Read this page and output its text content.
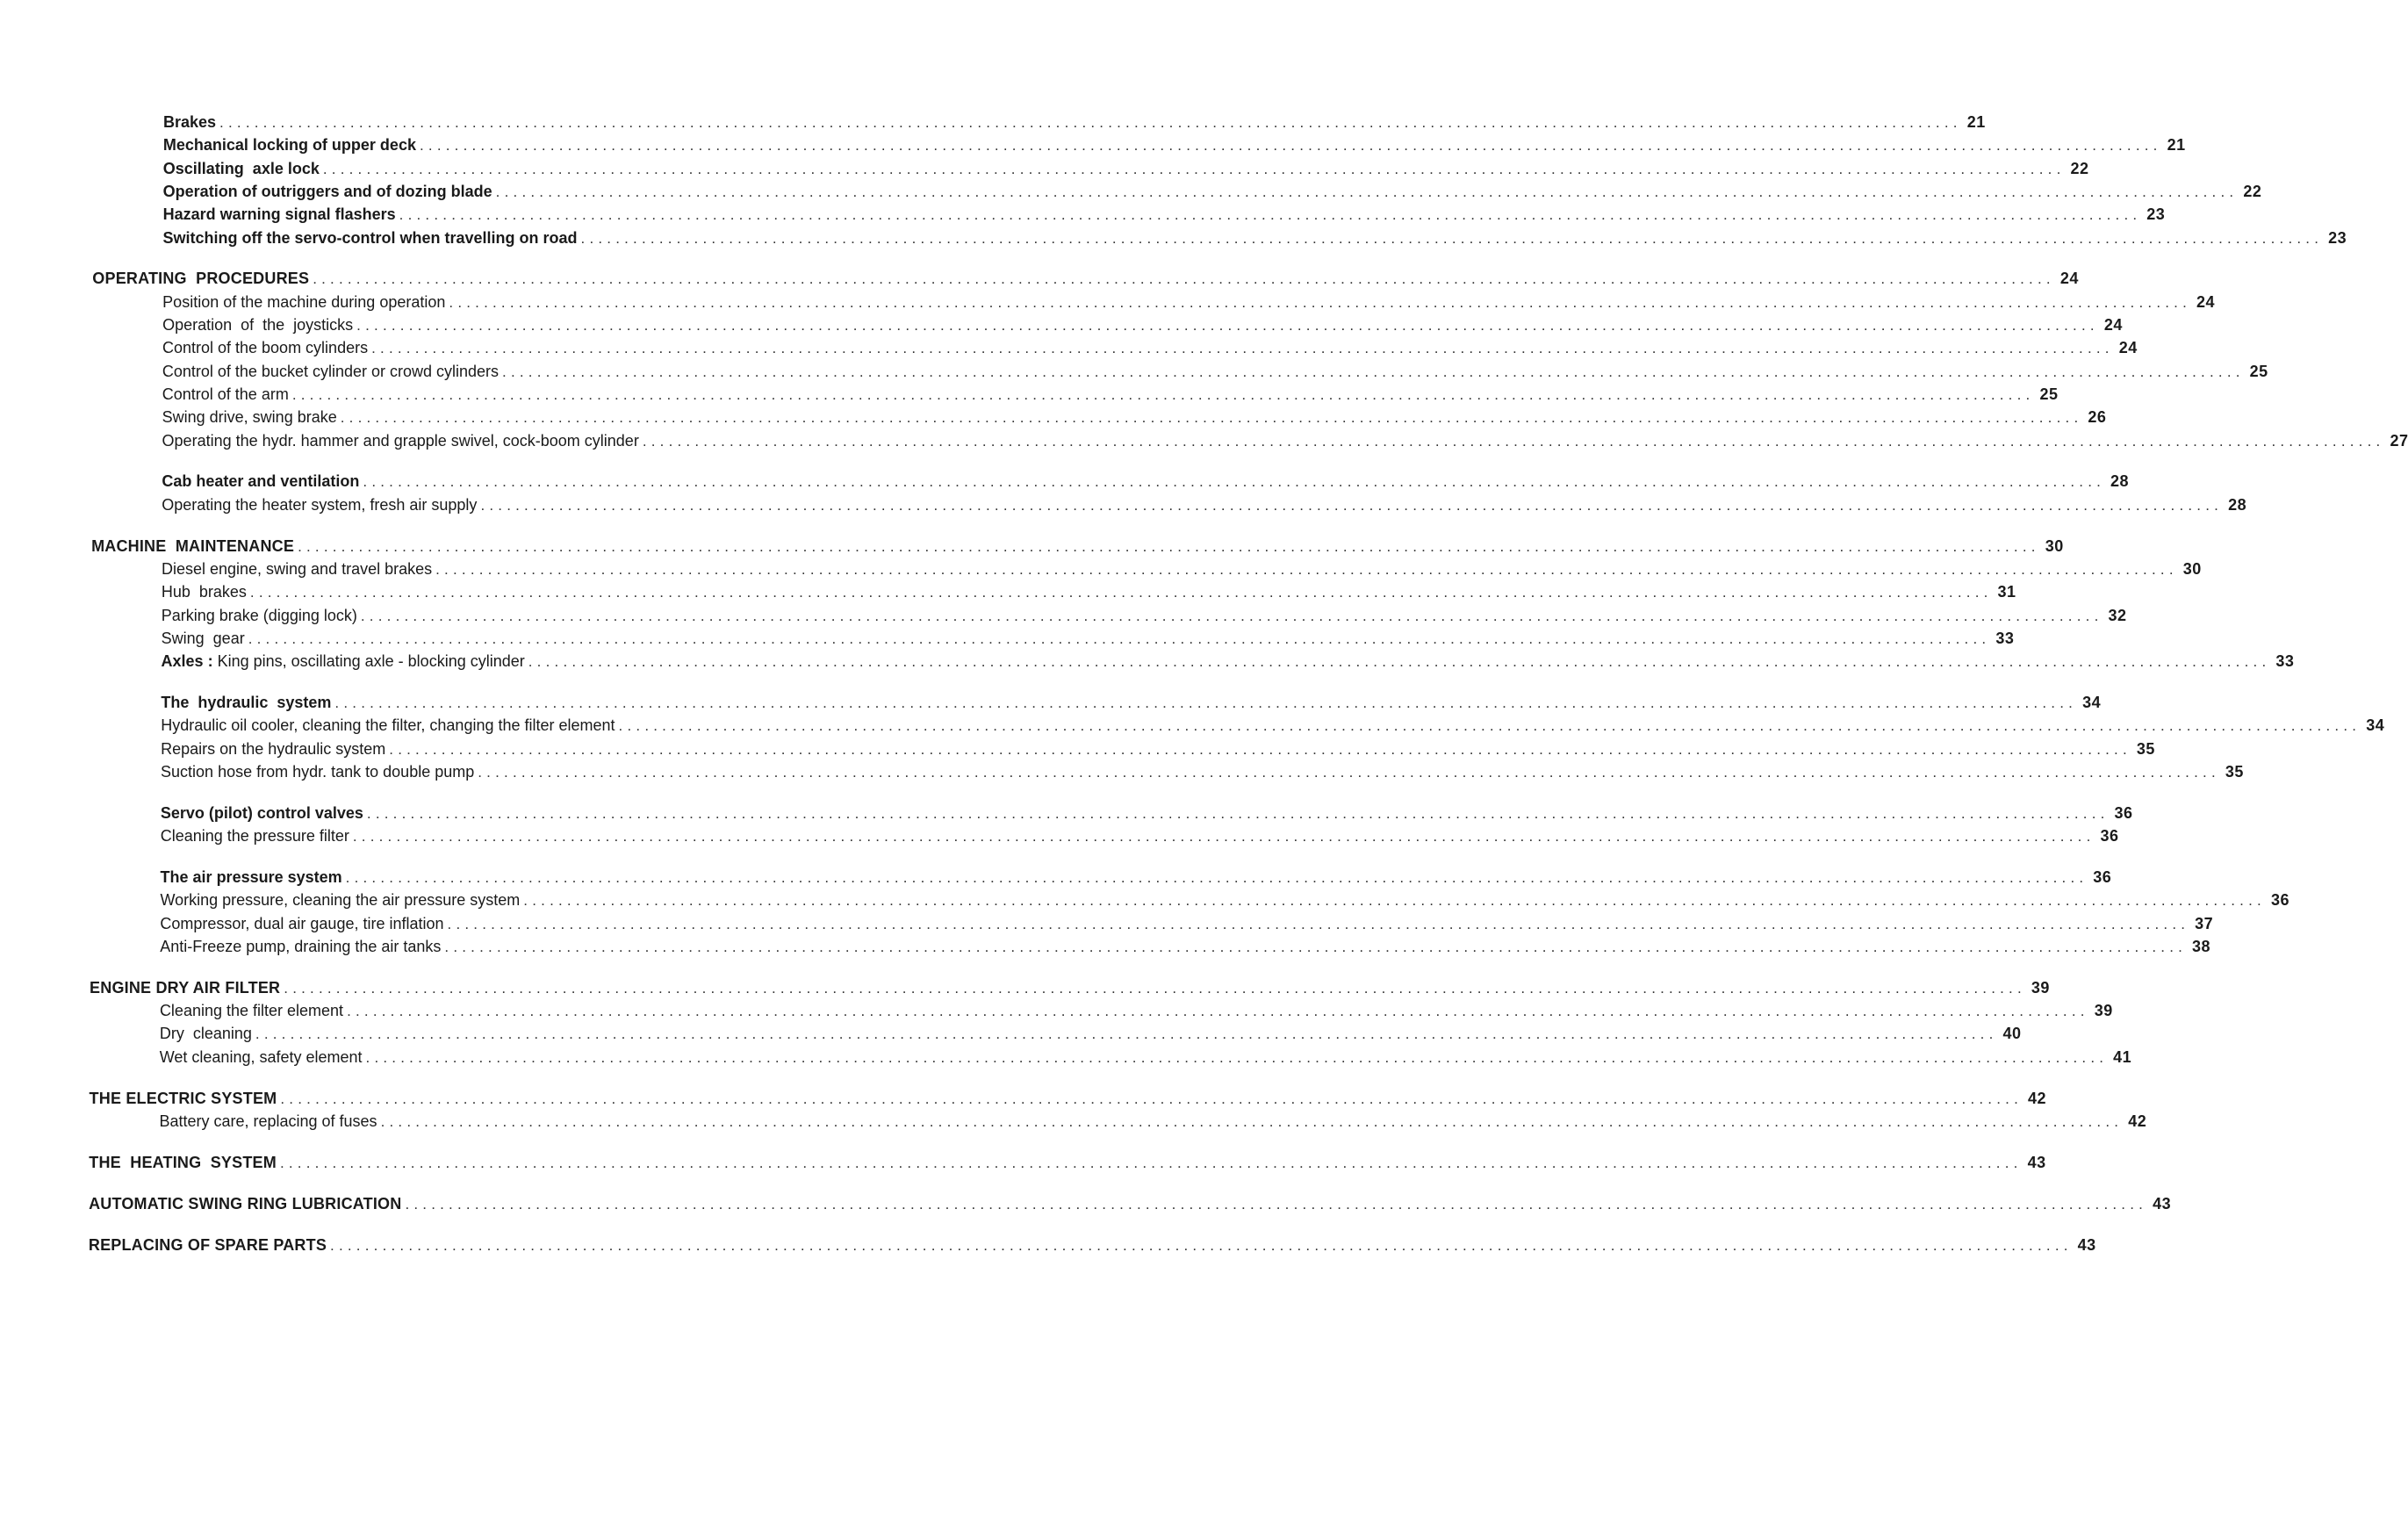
Brakes ........................................................................................................................................................................................................ 21
Mechanical locking of upper deck ........................................................................................................................................................................................................ 21
Oscillating  axle lock ........................................................................................................................................................................................................ 22
Operation of outriggers and of dozing blade ........................................................................................................................................................................................................ 22
Hazard warning signal flashers ........................................................................................................................................................................................................ 23
Switching off the servo-control when travelling on road ........................................................................................................................................................................................................ 23
OPERATING  PROCEDURES ........................................................................................................................................................................................................ 24
Position of the machine during operation ........................................................................................................................................................................................................ 24
Operation  of  the  joysticks ........................................................................................................................................................................................................ 24
Control of the boom cylinders ........................................................................................................................................................................................................ 24
Control of the bucket cylinder or crowd cylinders ........................................................................................................................................................................................................ 25
Control of the arm ........................................................................................................................................................................................................ 25
Swing drive, swing brake ........................................................................................................................................................................................................ 26
Operating the hydr. hammer and grapple swivel, cock-boom cylinder ........................................................................................................................................................................................................ 27
Cab heater and ventilation ........................................................................................................................................................................................................ 28
Operating the heater system, fresh air supply ........................................................................................................................................................................................................ 28
MACHINE  MAINTENANCE ........................................................................................................................................................................................................ 30
Diesel engine, swing and travel brakes ........................................................................................................................................................................................................ 30
Hub  brakes ........................................................................................................................................................................................................ 31
Parking brake (digging lock) ........................................................................................................................................................................................................ 32
Swing  gear ........................................................................................................................................................................................................ 33
Axles : King pins, oscillating axle - blocking cylinder ........................................................................................................................................................................................................ 33
The  hydraulic  system ........................................................................................................................................................................................................ 34
Hydraulic oil cooler, cleaning the filter, changing the filter element ........................................................................................................................................................................................................ 34
Repairs on the hydraulic system ........................................................................................................................................................................................................ 35
Suction hose from hydr. tank to double pump ........................................................................................................................................................................................................ 35
Servo (pilot) control valves ........................................................................................................................................................................................................ 36
Cleaning the pressure filter ........................................................................................................................................................................................................ 36
The air pressure system ........................................................................................................................................................................................................ 36
Working pressure, cleaning the air pressure system ........................................................................................................................................................................................................ 36
Compressor, dual air gauge, tire inflation ........................................................................................................................................................................................................ 37
Anti-Freeze pump, draining the air tanks ........................................................................................................................................................................................................ 38
ENGINE DRY AIR FILTER ........................................................................................................................................................................................................ 39
Cleaning the filter element ........................................................................................................................................................................................................ 39
Dry  cleaning ........................................................................................................................................................................................................ 40
Wet cleaning, safety element ........................................................................................................................................................................................................ 41
THE ELECTRIC SYSTEM ........................................................................................................................................................................................................ 42
Battery care, replacing of fuses ........................................................................................................................................................................................................ 42
THE  HEATING  SYSTEM ........................................................................................................................................................................................................ 43
AUTOMATIC SWING RING LUBRICATION ........................................................................................................................................................................................................ 43
REPLACING OF SPARE PARTS ........................................................................................................................................................................................................ 43
